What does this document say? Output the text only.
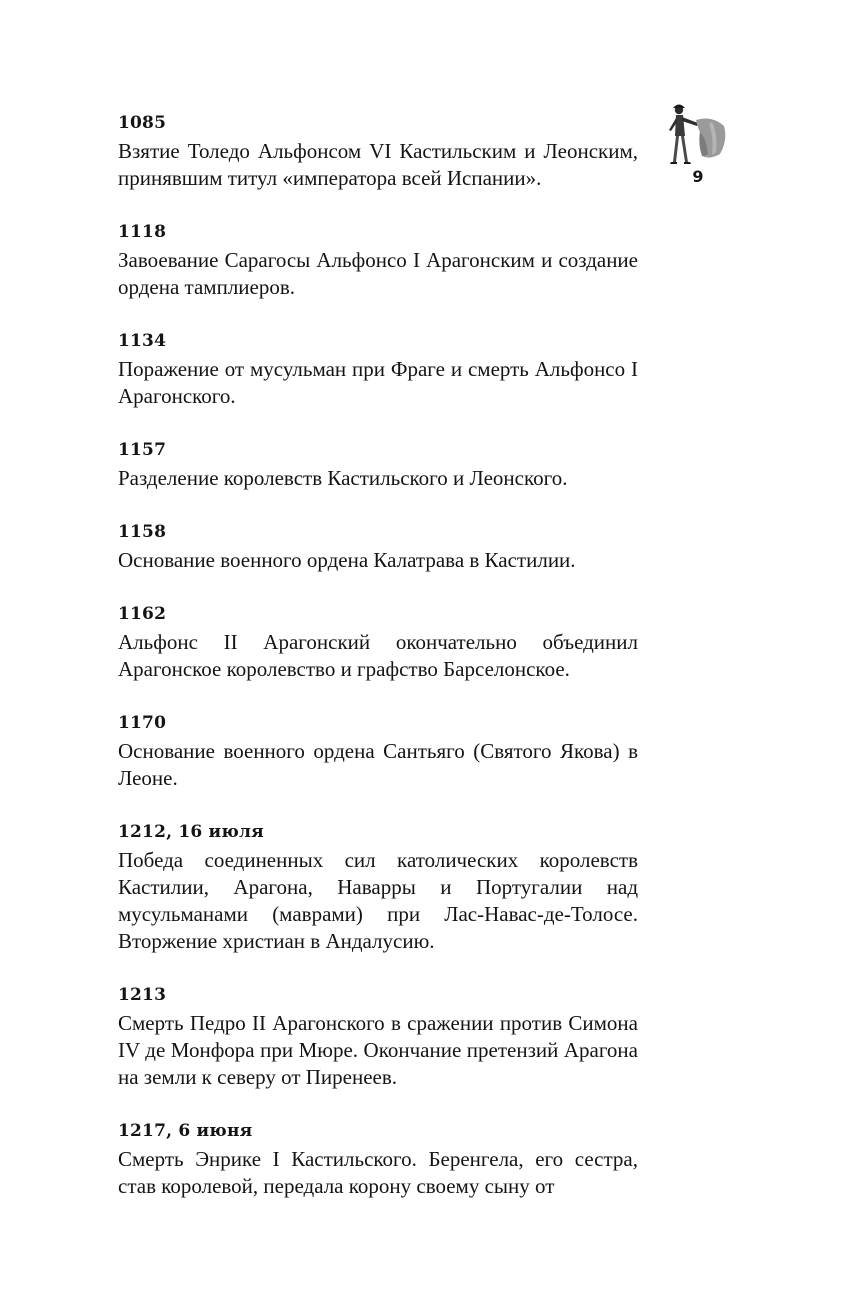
9
1085

Взятие Толедо Альфонсом VI Кастильским и Леонским, принявшим титул «императора всей Испании».

1118

Завоевание Сарагосы Альфонсо I Арагонским и создание ордена тамплиеров.

1134

Поражение от мусульман при Фраге и смерть Альфонсо I Арагонского.

1157

Разделение королевств Кастильского и Леонского.

1158

Основание военного ордена Калатрава в Кастилии.

1162

Альфонс II Арагонский окончательно объединил Арагонское королевство и графство Барселонское.

1170

Основание военного ордена Сантьяго (Святого Якова) в Леоне.

1212, 16 июля

Победа соединенных сил католических королевств Кастилии, Арагона, Наварры и Португалии над мусульманами (маврами) при Лас-Навас-де-Толосе. Вторжение христиан в Андалусию.

1213

Смерть Педро II Арагонского в сражении против Симона IV де Монфора при Мюре. Окончание претензий Арагона на земли к северу от Пиренеев.

1217, 6 июня

Смерть Энрике I Кастильского. Беренгела, его сестра, став королевой, передала корону своему сыну от
